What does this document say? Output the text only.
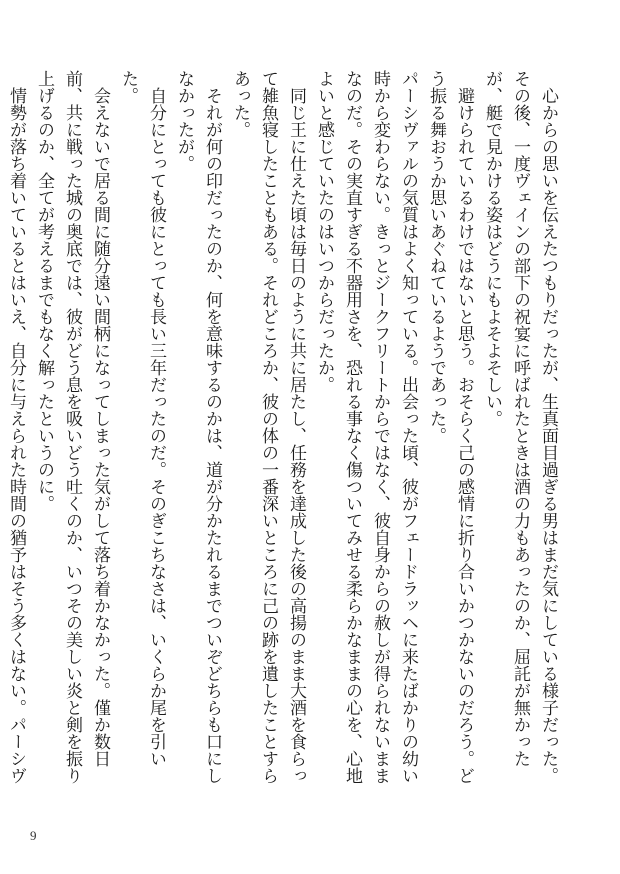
　心からの思いを伝えたつもりだったが、生真面目過ぎる男はまだ気にしている様子だった。その後、一度ヴェインの部下の祝宴に呼ばれたときは酒の力もあったのか、屈託が無かったが、艇で見かける姿はどうにもよそよそしい。

　避けられているわけではないと思う。おそらく己の感情に折り合いかつかないのだろう。どう振る舞おうか思いあぐねているようであった。

パーシヴァルの気質はよく知っている。出会った頃、彼がフェードラッヘに来たばかりの幼い時から変わらない。きっとジークフリートからではなく、彼自身からの赦しが得られないままなのだ。その実直すぎる不器用さを、恐れる事なく傷ついてみせる柔らかなままの心を、心地よいと感じていたのはいつからだったか。

　同じ王に仕えた頃は毎日のように共に居たし、任務を達成した後の高揚のまま大酒を食らって雑魚寝したこともある。それどころか、彼の体の一番深いところに己の跡を遺したことすらあった。

　それが何の印だったのか、何を意味するのかは、道が分かたれるまでついぞどちらも口にしなかったが。

　自分にとっても彼にとっても長い三年だったのだ。そのぎこちなさは、いくらか尾を引いた。

　会えないで居る間に随分遠い間柄になってしまった気がして落ち着かなかった。僅か数日前、共に戦った城の奥底では、彼がどう息を吸いどう吐くのか、いつその美しい炎と剣を振り上げるのか、全てが考えるまでもなく解ったというのに。

　情勢が落ち着いているとはいえ、自分に与えられた時間の猶予はそう多くはない。パーシヴ

9
